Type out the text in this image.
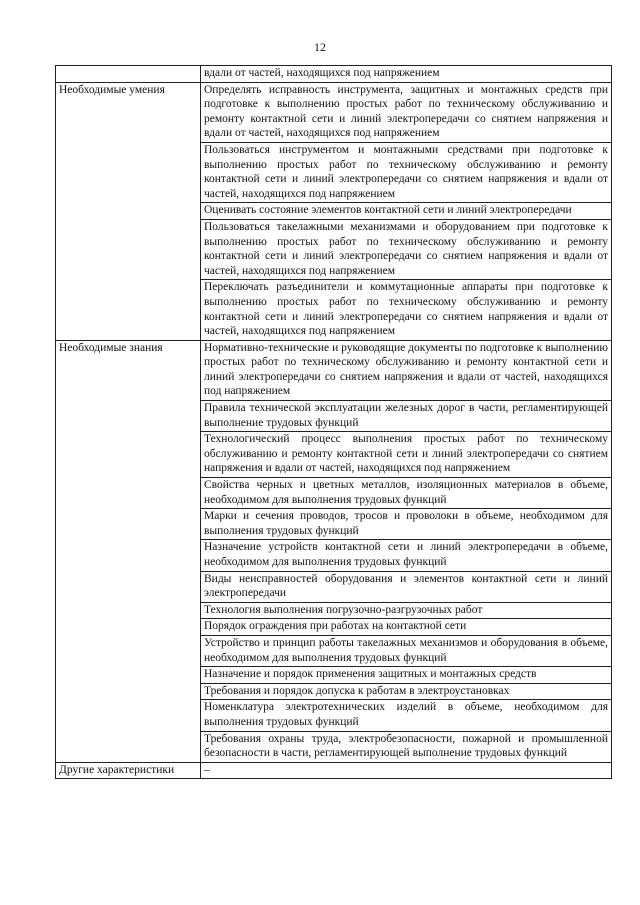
12
	вдали от частей, находящихся под напряжением
Необходимые умения	Определять исправность инструмента, защитных и монтажных средств при подготовке к выполнению простых работ по техническому обслуживанию и ремонту контактной сети и линий электропередачи со снятием напряжения и вдали от частей, находящихся под напряжением
	Пользоваться инструментом и монтажными средствами при подготовке к выполнению простых работ по техническому обслуживанию и ремонту контактной сети и линий электропередачи со снятием напряжения и вдали от частей, находящихся под напряжением
	Оценивать состояние элементов контактной сети и линий электропередачи
	Пользоваться такелажными механизмами и оборудованием при подготовке к выполнению простых работ по техническому обслуживанию и ремонту контактной сети и линий электропередачи со снятием напряжения и вдали от частей, находящихся под напряжением
	Переключать разъединители и коммутационные аппараты при подготовке к выполнению простых работ по техническому обслуживанию и ремонту контактной сети и линий электропередачи со снятием напряжения и вдали от частей, находящихся под напряжением
Необходимые знания	Нормативно-технические и руководящие документы по подготовке к выполнению простых работ по техническому обслуживанию и ремонту контактной сети и линий электропередачи со снятием напряжения и вдали от частей, находящихся под напряжением
	Правила технической эксплуатации железных дорог в части, регламентирующей выполнение трудовых функций
	Технологический процесс выполнения простых работ по техническому обслуживанию и ремонту контактной сети и линий электропередачи со снятием напряжения и вдали от частей, находящихся под напряжением
	Свойства черных и цветных металлов, изоляционных материалов в объеме, необходимом для выполнения трудовых функций
	Марки и сечения проводов, тросов и проволоки в объеме, необходимом для выполнения трудовых функций
	Назначение устройств контактной сети и линий электропередачи в объеме, необходимом для выполнения трудовых функций
	Виды неисправностей оборудования и элементов контактной сети и линий электропередачи
	Технология выполнения погрузочно-разгрузочных работ
	Порядок ограждения при работах на контактной сети
	Устройство и принцип работы такелажных механизмов и оборудования в объеме, необходимом для выполнения трудовых функций
	Назначение и порядок применения защитных и монтажных средств
	Требования и порядок допуска к работам в электроустановках
	Номенклатура электротехнических изделий в объеме, необходимом для выполнения трудовых функций
	Требования охраны труда, электробезопасности, пожарной и промышленной безопасности в части, регламентирующей выполнение трудовых функций
Другие характеристики	–
